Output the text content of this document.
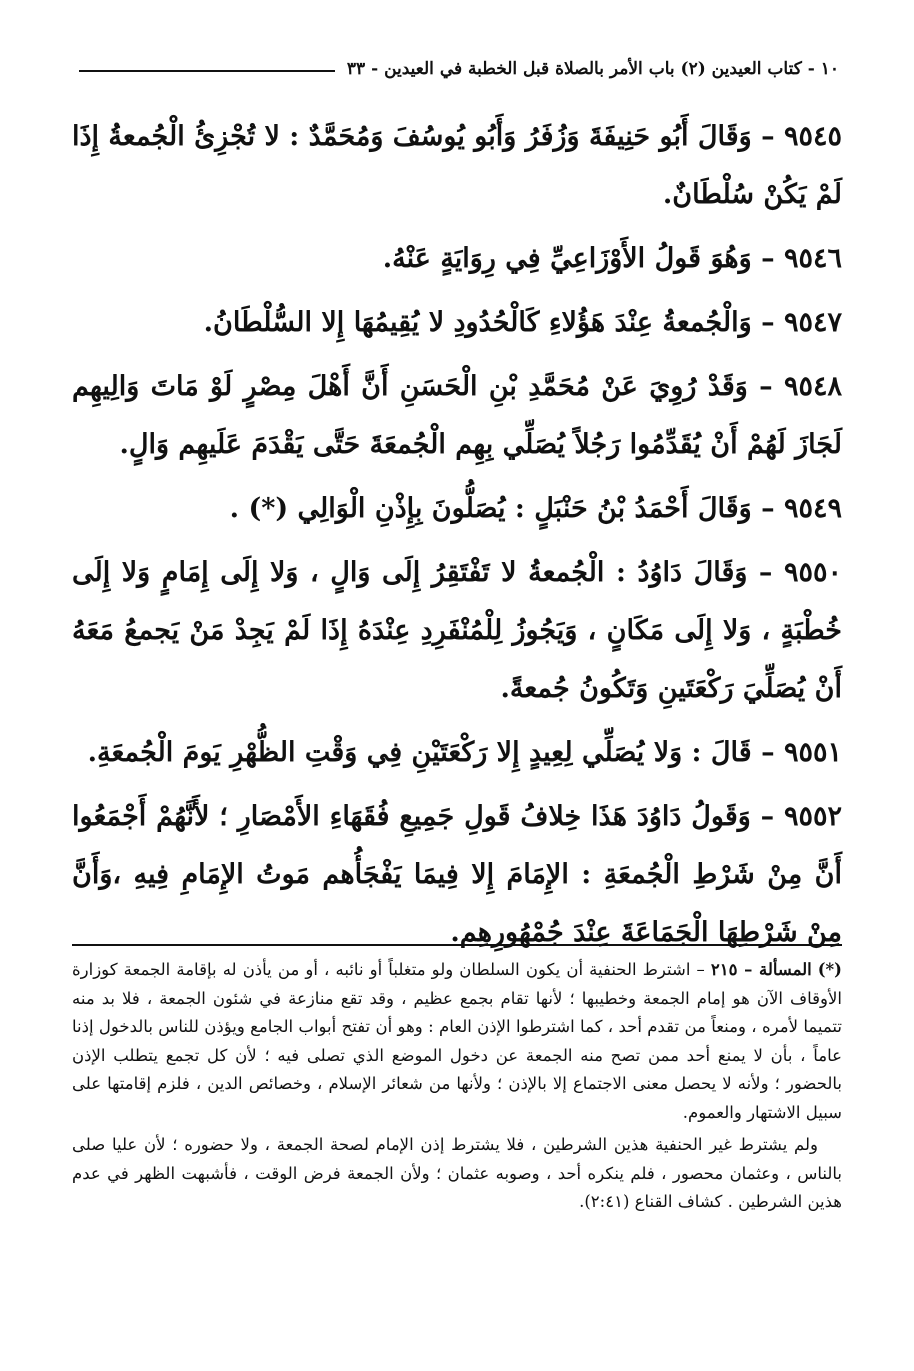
١٠ - كتاب العيدين (٢) باب الأمر بالصلاة قبل الخطبة في العيدين - ٣٣

٩٥٤٥ – وَقَالَ أَبُو حَنِيفَةَ وَزُفَرُ وَأَبُو يُوسُفَ وَمُحَمَّدٌ : لا تُجْزِئُ الْجُمعةُ إِذَا لَمْ يَكُنْ سُلْطَانٌ.

٩٥٤٦ – وَهُوَ قَولُ الأَوْزَاعِيِّ فِي رِوَايَةٍ عَنْهُ.

٩٥٤٧ – وَالْجُمعةُ عِنْدَ هَؤُلاءِ كَالْحُدُودِ لا يُقِيمُهَا إِلا السُّلْطَانُ.

٩٥٤٨ – وَقَدْ رُوِيَ عَنْ مُحَمَّدِ بْنِ الْحَسَنِ أَنَّ أَهْلَ مِصْرٍ لَوْ مَاتَ وَالِيهِم لَجَازَ لَهُمْ أَنْ يُقَدِّمُوا رَجُلاً يُصَلِّي بِهِم الْجُمعَةَ حَتَّى يَقْدَمَ عَلَيهِم وَالٍ.

٩٥٤٩ – وَقَالَ أَحْمَدُ بْنُ حَنْبَلٍ : يُصَلُّونَ بِإِذْنِ الْوَالِي (*) .

٩٥٥٠ – وَقَالَ دَاوُدُ : الْجُمعةُ لا تَفْتَقِرُ إِلَى وَالٍ ، وَلا إِلَى إِمَامٍ وَلا إِلَى خُطْبَةٍ ، وَلا إِلَى مَكَانٍ ، وَيَجُوزُ لِلْمُنْفَرِدِ عِنْدَهُ إِذَا لَمْ يَجِدْ مَنْ يَجمعُ مَعَهُ أَنْ يُصَلِّيَ رَكْعَتَينِ وَتَكُونُ جُمعةً.

٩٥٥١ – قَالَ : وَلا يُصَلِّي لِعِيدٍ إِلا رَكْعَتَيْنِ فِي وَقْتِ الظُّهْرِ يَومَ الْجُمعَةِ.

٩٥٥٢ – وَقَولُ دَاوُدَ هَذَا خِلافُ قَولِ جَمِيعِ فُقَهَاءِ الأَمْصَارِ ؛ لأَنَّهُمْ أَجْمَعُوا أَنَّ مِنْ شَرْطِ الْجُمعَةِ : الإِمَامَ إِلا فِيمَا يَفْجَأُهم مَوتُ الإِمَامِ فِيهِ ،وَأَنَّ مِنْ شَرْطِهَا الْجَمَاعَةَ عِنْدَ جُمْهُورِهِم.

(*)المسألة – ٢١٥ – اشترط الحنفية أن يكون السلطان ولو متغلباً أو نائبه ، أو من يأذن له بإقامة الجمعة كوزارة الأوقاف الآن هو إمام الجمعة وخطيبها ؛ لأنها تقام بجمع عظيم ، وقد تقع منازعة في شئون الجمعة ، فلا بد منه تتميما لأمره ، ومنعاً من تقدم أحد ، كما اشترطوا الإذن العام : وهو أن تفتح أبواب الجامع ويؤذن للناس بالدخول إذنا عاماً ، بأن لا يمنع أحد ممن تصح منه الجمعة عن دخول الموضع الذي تصلى فيه ؛ لأن كل تجمع يتطلب الإذن بالحضور ؛ ولأنه لا يحصل معنى الاجتماع إلا بالإذن ؛ ولأنها من شعائر الإسلام ، وخصائص الدين ، فلزم إقامتها على سبيل الاشتهار والعموم.

ولم يشترط غير الحنفية هذين الشرطين ، فلا يشترط إذن الإمام لصحة الجمعة ، ولا حضوره ؛ لأن عليا صلى بالناس ، وعثمان محصور ، فلم ينكره أحد ، وصوبه عثمان ؛ ولأن الجمعة فرض الوقت ، فأشبهت الظهر في عدم هذين الشرطين . كشاف القناع (٢:٤١).
